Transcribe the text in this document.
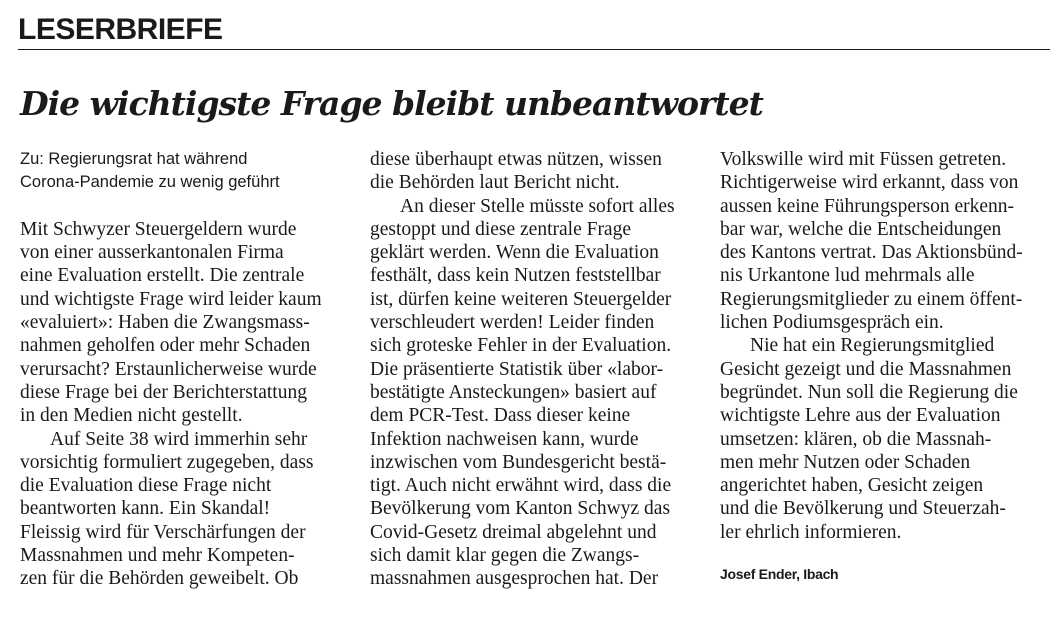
LESERBRIEFE
Die wichtigste Frage bleibt unbeantwortet
Zu: Regierungsrat hat während
Corona-Pandemie zu wenig geführt
Mit Schwyzer Steuergeldern wurde
von einer ausserkantonalen Firma
eine Evaluation erstellt. Die zentrale
und wichtigste Frage wird leider kaum
«evaluiert»: Haben die Zwangsmass-
nahmen geholfen oder mehr Schaden
verursacht? Erstaunlicherweise wurde
diese Frage bei der Berichterstattung
in den Medien nicht gestellt.
Auf Seite 38 wird immerhin sehr
vorsichtig formuliert zugegeben, dass
die Evaluation diese Frage nicht
beantworten kann. Ein Skandal!
Fleissig wird für Verschärfungen der
Massnahmen und mehr Kompeten-
zen für die Behörden geweibelt. Ob
diese überhaupt etwas nützen, wissen
die Behörden laut Bericht nicht.
An dieser Stelle müsste sofort alles
gestoppt und diese zentrale Frage
geklärt werden. Wenn die Evaluation
festhält, dass kein Nutzen feststellbar
ist, dürfen keine weiteren Steuergelder
verschleudert werden! Leider finden
sich groteske Fehler in der Evaluation.
Die präsentierte Statistik über «labor-
bestätigte Ansteckungen» basiert auf
dem PCR-Test. Dass dieser keine
Infektion nachweisen kann, wurde
inzwischen vom Bundesgericht bestä-
tigt. Auch nicht erwähnt wird, dass die
Bevölkerung vom Kanton Schwyz das
Covid-Gesetz dreimal abgelehnt und
sich damit klar gegen die Zwangs-
massnahmen ausgesprochen hat. Der
Volkswille wird mit Füssen getreten.
Richtigerweise wird erkannt, dass von
aussen keine Führungsperson erkenn-
bar war, welche die Entscheidungen
des Kantons vertrat. Das Aktionsbünd-
nis Urkantone lud mehrmals alle
Regierungsmitglieder zu einem öffent-
lichen Podiumsgespräch ein.
Nie hat ein Regierungsmitglied
Gesicht gezeigt und die Massnahmen
begründet. Nun soll die Regierung die
wichtigste Lehre aus der Evaluation
umsetzen: klären, ob die Massnah-
men mehr Nutzen oder Schaden
angerichtet haben, Gesicht zeigen
und die Bevölkerung und Steuerzah-
ler ehrlich informieren.
Josef Ender, Ibach
